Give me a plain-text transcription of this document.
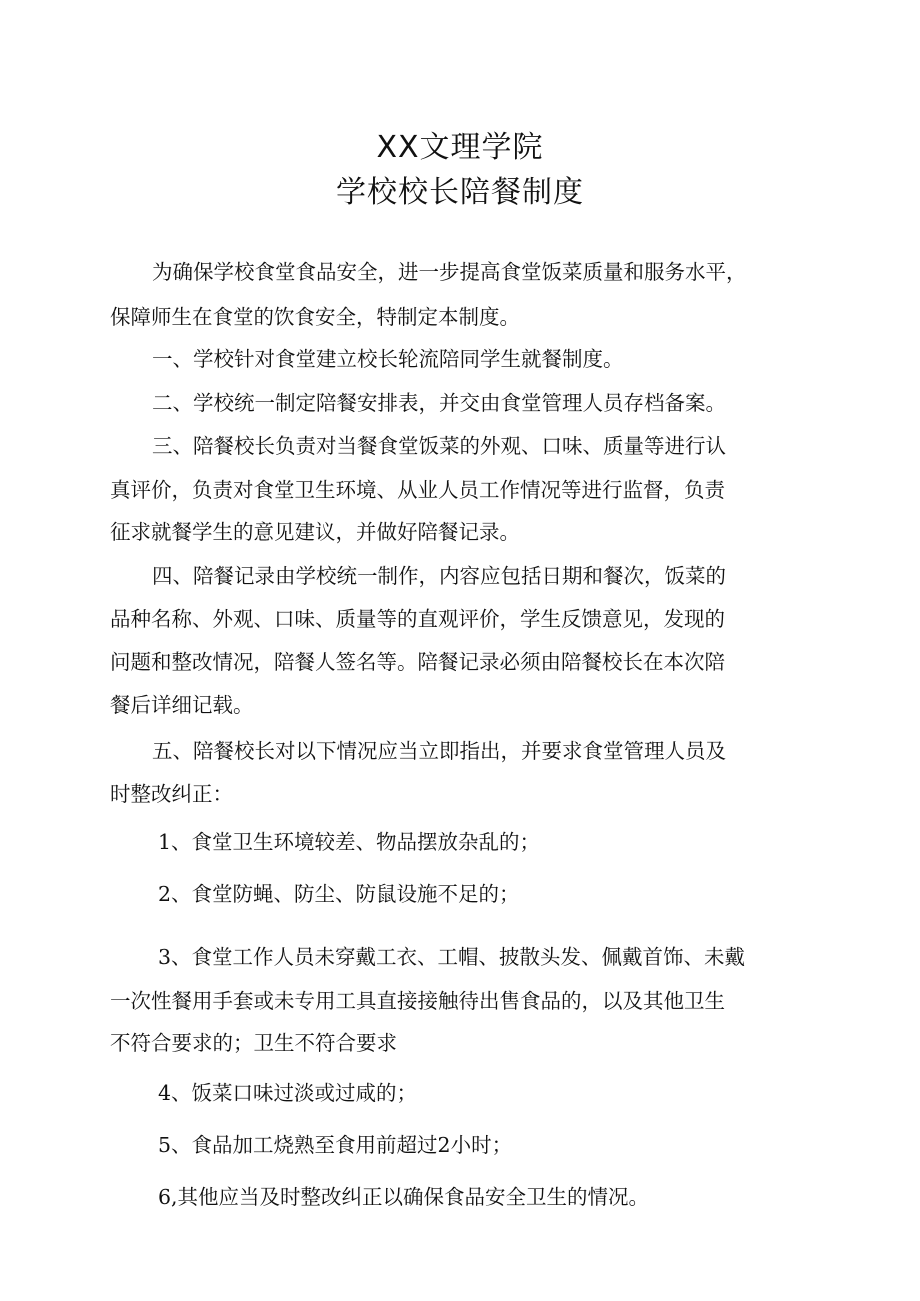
XX文理学院
学校校长陪餐制度
为确保学校食堂食品安全，进一步提高食堂饭菜质量和服务水平，
保障师生在食堂的饮食安全，特制定本制度。
一、学校针对食堂建立校长轮流陪同学生就餐制度。
二、学校统一制定陪餐安排表，并交由食堂管理人员存档备案。
三、陪餐校长负责对当餐食堂饭菜的外观、口味、质量等进行认
真评价，负责对食堂卫生环境、从业人员工作情况等进行监督，负责
征求就餐学生的意见建议，并做好陪餐记录。
四、陪餐记录由学校统一制作，内容应包括日期和餐次，饭菜的
品种名称、外观、口味、质量等的直观评价，学生反馈意见，发现的
问题和整改情况，陪餐人签名等。陪餐记录必须由陪餐校长在本次陪
餐后详细记载。
五、陪餐校长对以下情况应当立即指出，并要求食堂管理人员及
时整改纠正：
1、食堂卫生环境较差、物品摆放杂乱的；
2、食堂防蝇、防尘、防鼠设施不足的；
3、食堂工作人员未穿戴工衣、工帽、披散头发、佩戴首饰、未戴
一次性餐用手套或未专用工具直接接触待出售食品的，以及其他卫生
不符合要求的；卫生不符合要求
4、饭菜口味过淡或过咸的；
5、食品加工烧熟至食用前超过2小时；
6,其他应当及时整改纠正以确保食品安全卫生的情况。
